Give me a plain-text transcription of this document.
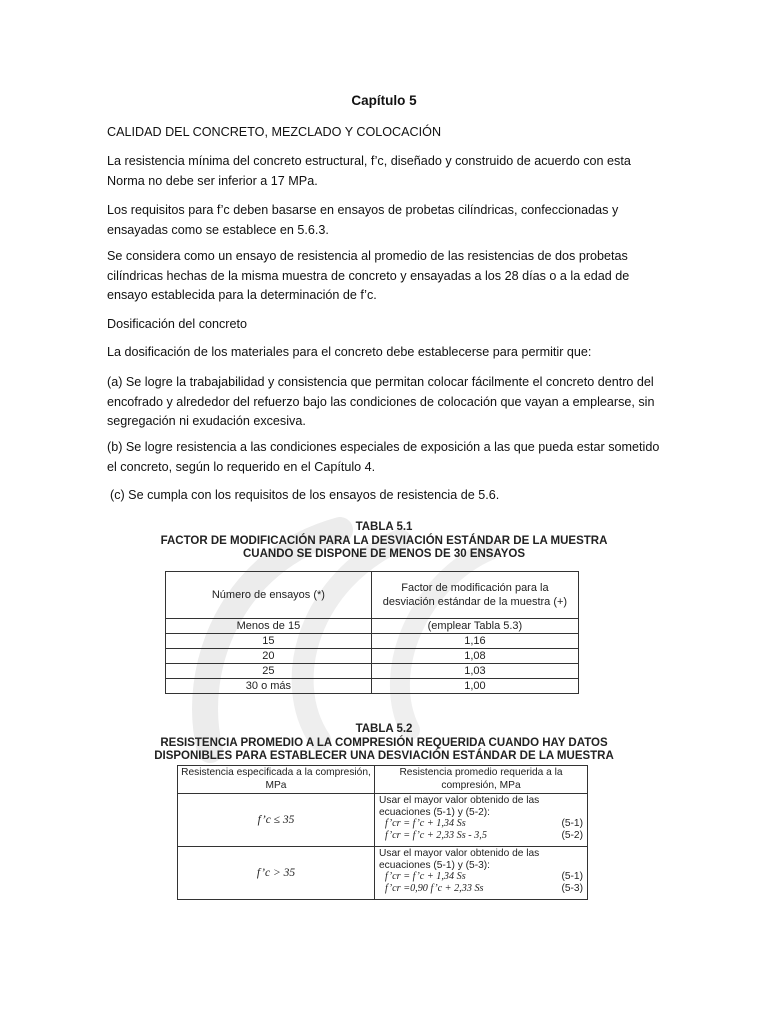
Capítulo 5
CALIDAD DEL CONCRETO, MEZCLADO Y COLOCACIÓN
La resistencia mínima del concreto estructural, f’c, diseñado y construido de acuerdo con esta Norma no debe ser inferior a 17 MPa.
Los requisitos para f’c deben basarse en ensayos de probetas cilíndricas, confeccionadas y ensayadas como se establece en 5.6.3.
Se considera como un ensayo de resistencia al promedio de las resistencias de dos probetas cilíndricas hechas de la misma muestra de concreto y ensayadas a los 28 días o a la edad de ensayo establecida para la determinación de f’c.
Dosificación del concreto
La dosificación de los materiales para el concreto debe establecerse para permitir que:
(a) Se logre la trabajabilidad y consistencia que permitan colocar fácilmente el concreto dentro del encofrado y alrededor del refuerzo bajo las condiciones de colocación que vayan a emplearse, sin segregación ni exudación excesiva.
(b) Se logre resistencia a las condiciones especiales de exposición a las que pueda estar sometido el concreto, según lo requerido en el Capítulo 4.
(c) Se cumpla con los requisitos de los ensayos de resistencia de 5.6.
TABLA 5.1
FACTOR DE MODIFICACIÓN PARA LA DESVIACIÓN ESTÁNDAR DE LA MUESTRA
CUANDO SE DISPONE DE MENOS DE 30 ENSAYOS
Número de ensayos (*)	Factor de modificación para la desviación estándar de la muestra (+)
Menos de 15	(emplear Tabla 5.3)
15	1,16
20	1,08
25	1,03
30 o más	1,00
TABLA 5.2
RESISTENCIA PROMEDIO A LA COMPRESIÓN REQUERIDA CUANDO HAY DATOS
DISPONIBLES PARA ESTABLECER UNA DESVIACIÓN ESTÁNDAR DE LA MUESTRA
Resistencia especificada a la compresión, MPa	Resistencia promedio requerida a la compresión, MPa
f’c ≤ 35	Usar el mayor valor obtenido de las ecuaciones (5-1) y (5-2):
f’cr = f’c + 1,34 Ss (5-1)
f’cr = f’c + 2,33 Ss - 3,5 (5-2)

f’c > 35	Usar el mayor valor obtenido de las ecuaciones (5-1) y (5-3):
f’cr = f’c + 1,34 Ss (5-1)
f’cr =0,90 f’c + 2,33 Ss (5-3)
